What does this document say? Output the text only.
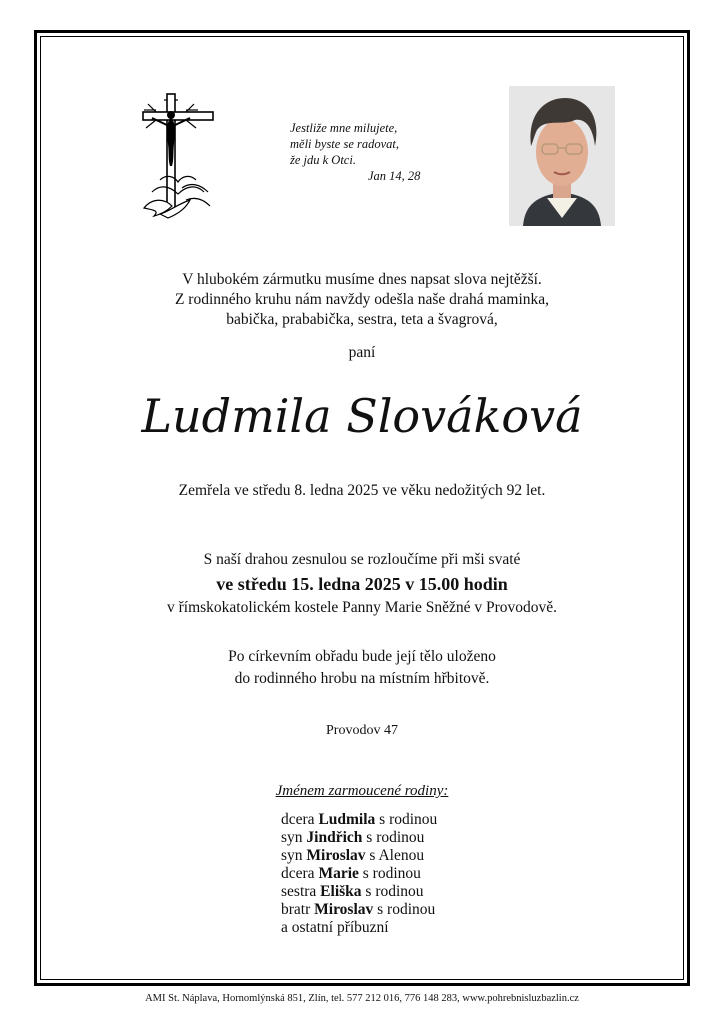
Jestliže mne milujete,
měli byste se radovat,
že jdu k Otci.
Jan 14, 28
V hlubokém zármutku musíme dnes napsat slova nejtěžší.
Z rodinného kruhu nám navždy odešla naše drahá maminka,
babička, prababička, sestra, teta a švagrová,
paní
Ludmila Slováková
Zemřela ve středu 8. ledna 2025 ve věku nedožitých 92 let.
S naší drahou zesnulou se rozloučíme při mši svaté
ve středu 15. ledna 2025 v 15.00 hodin
v římskokatolickém kostele Panny Marie Sněžné v Provodově.
Po církevním obřadu bude její tělo uloženo
do rodinného hrobu na místním hřbitově.
Provodov 47
Jménem zarmoucené rodiny:
dcera Ludmila s rodinou
syn Jindřich s rodinou
syn Miroslav s Alenou
dcera Marie s rodinou
sestra Eliška s rodinou
bratr Miroslav s rodinou
a ostatní příbuzní
AMI St. Náplava, Hornomlýnská 851, Zlín, tel. 577 212 016, 776 148 283, www.pohrebnisluzbazlin.cz
